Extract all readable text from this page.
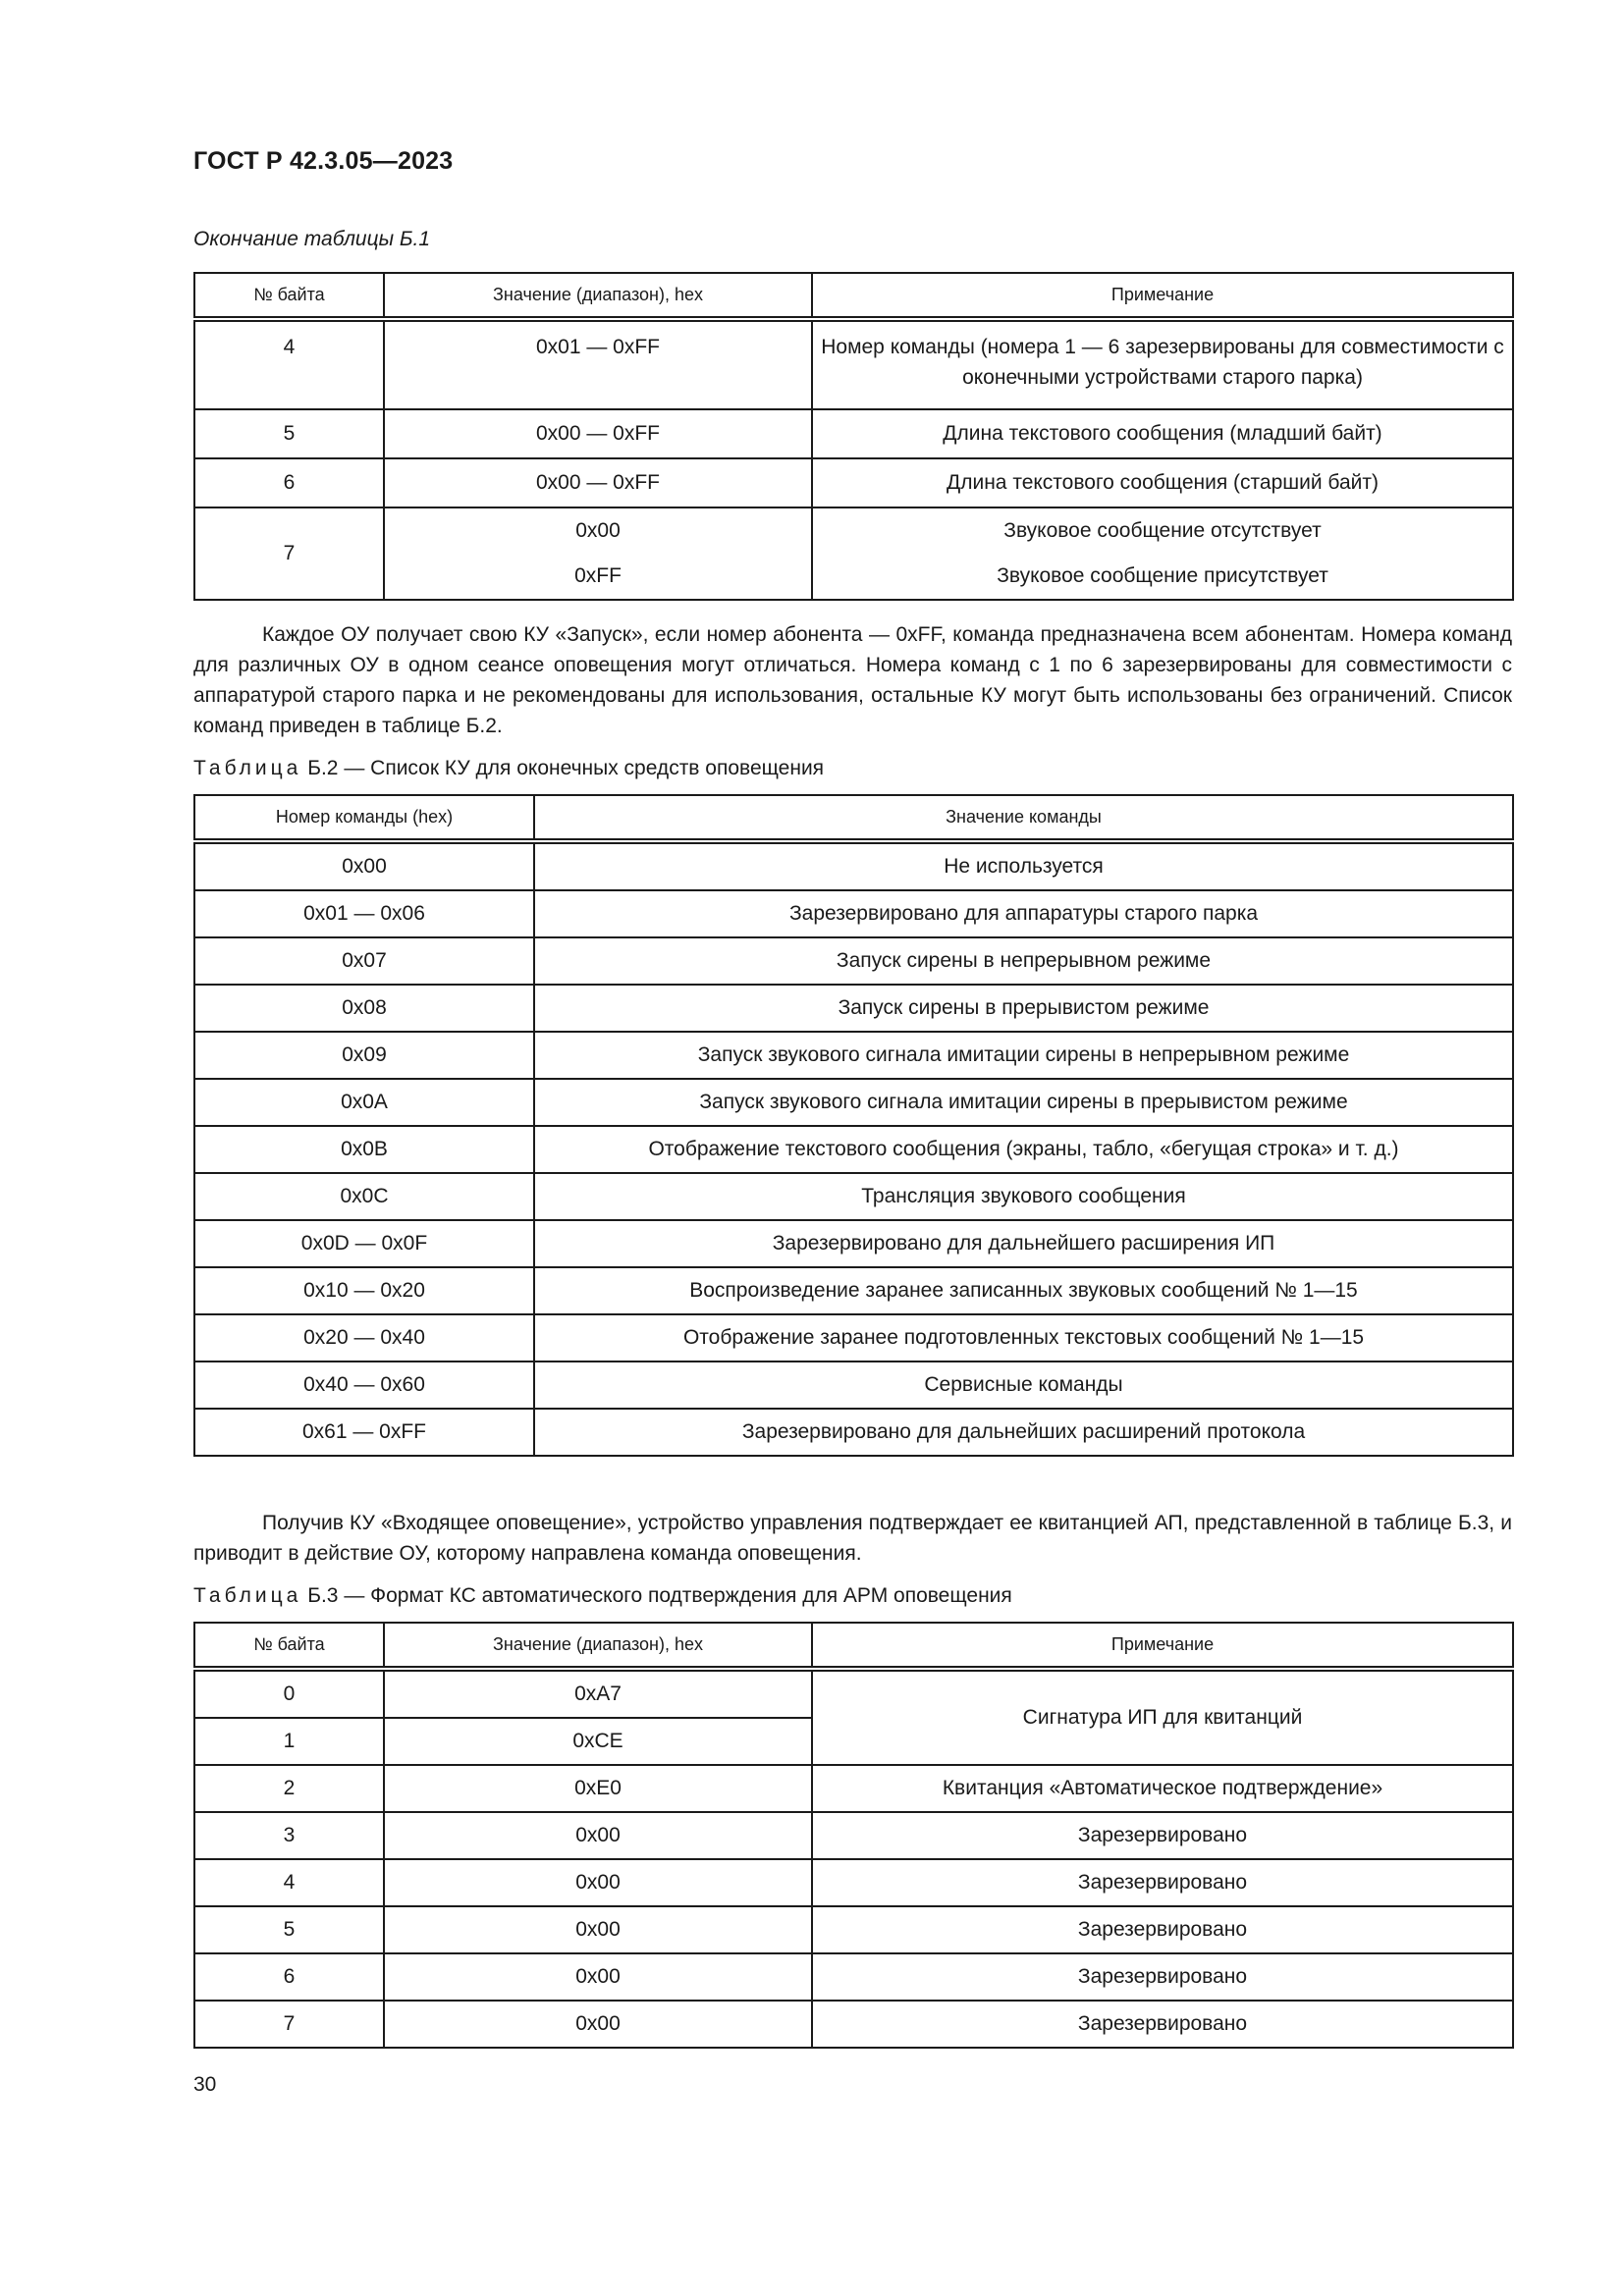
ГОСТ Р 42.3.05—2023
Окончание таблицы Б.1
№ байта	Значение (диапазон), hex	Примечание
4	0x01 — 0xFF	Номер команды (номера 1 — 6 зарезервированы для совместимости с оконечными устройствами старого парка)
5	0x00 — 0xFF	Длина текстового сообщения (младший байт)
6	0x00 — 0xFF	Длина текстового сообщения (старший байт)
7	0x00	Звуковое сообщение отсутствует
	0xFF	Звуковое сообщение присутствует
Каждое ОУ получает свою КУ «Запуск», если номер абонента — 0xFF, команда предназначена всем абонентам. Номера команд для различных ОУ в одном сеансе оповещения могут отличаться. Номера команд с 1 по 6 зарезервированы для совместимости с аппаратурой старого парка и не рекомендованы для использования, остальные КУ могут быть использованы без ограничений. Список команд приведен в таблице Б.2.
Таблица Б.2 — Список КУ для оконечных средств оповещения
Номер команды (hex)	Значение команды
0x00	Не используется
0x01 — 0x06	Зарезервировано для аппаратуры старого парка
0x07	Запуск сирены в непрерывном режиме
0x08	Запуск сирены в прерывистом режиме
0x09	Запуск звукового сигнала имитации сирены в непрерывном режиме
0x0A	Запуск звукового сигнала имитации сирены в прерывистом режиме
0x0B	Отображение текстового сообщения (экраны, табло, «бегущая строка» и т. д.)
0x0C	Трансляция звукового сообщения
0x0D — 0x0F	Зарезервировано для дальнейшего расширения ИП
0x10 — 0x20	Воспроизведение заранее записанных звуковых сообщений № 1—15
0x20 — 0x40	Отображение заранее подготовленных текстовых сообщений № 1—15
0x40 — 0x60	Сервисные команды
0x61 — 0xFF	Зарезервировано для дальнейших расширений протокола
Получив КУ «Входящее оповещение», устройство управления подтверждает ее квитанцией АП, представленной в таблице Б.3, и приводит в действие ОУ, которому направлена команда оповещения.
Таблица Б.3 — Формат КС автоматического подтверждения для АРМ оповещения
№ байта	Значение (диапазон), hex	Примечание
0	0xA7	Сигнатура ИП для квитанций
1	0xCE	
2	0xE0	Квитанция «Автоматическое подтверждение»
3	0x00	Зарезервировано
4	0x00	Зарезервировано
5	0x00	Зарезервировано
6	0x00	Зарезервировано
7	0x00	Зарезервировано
30
